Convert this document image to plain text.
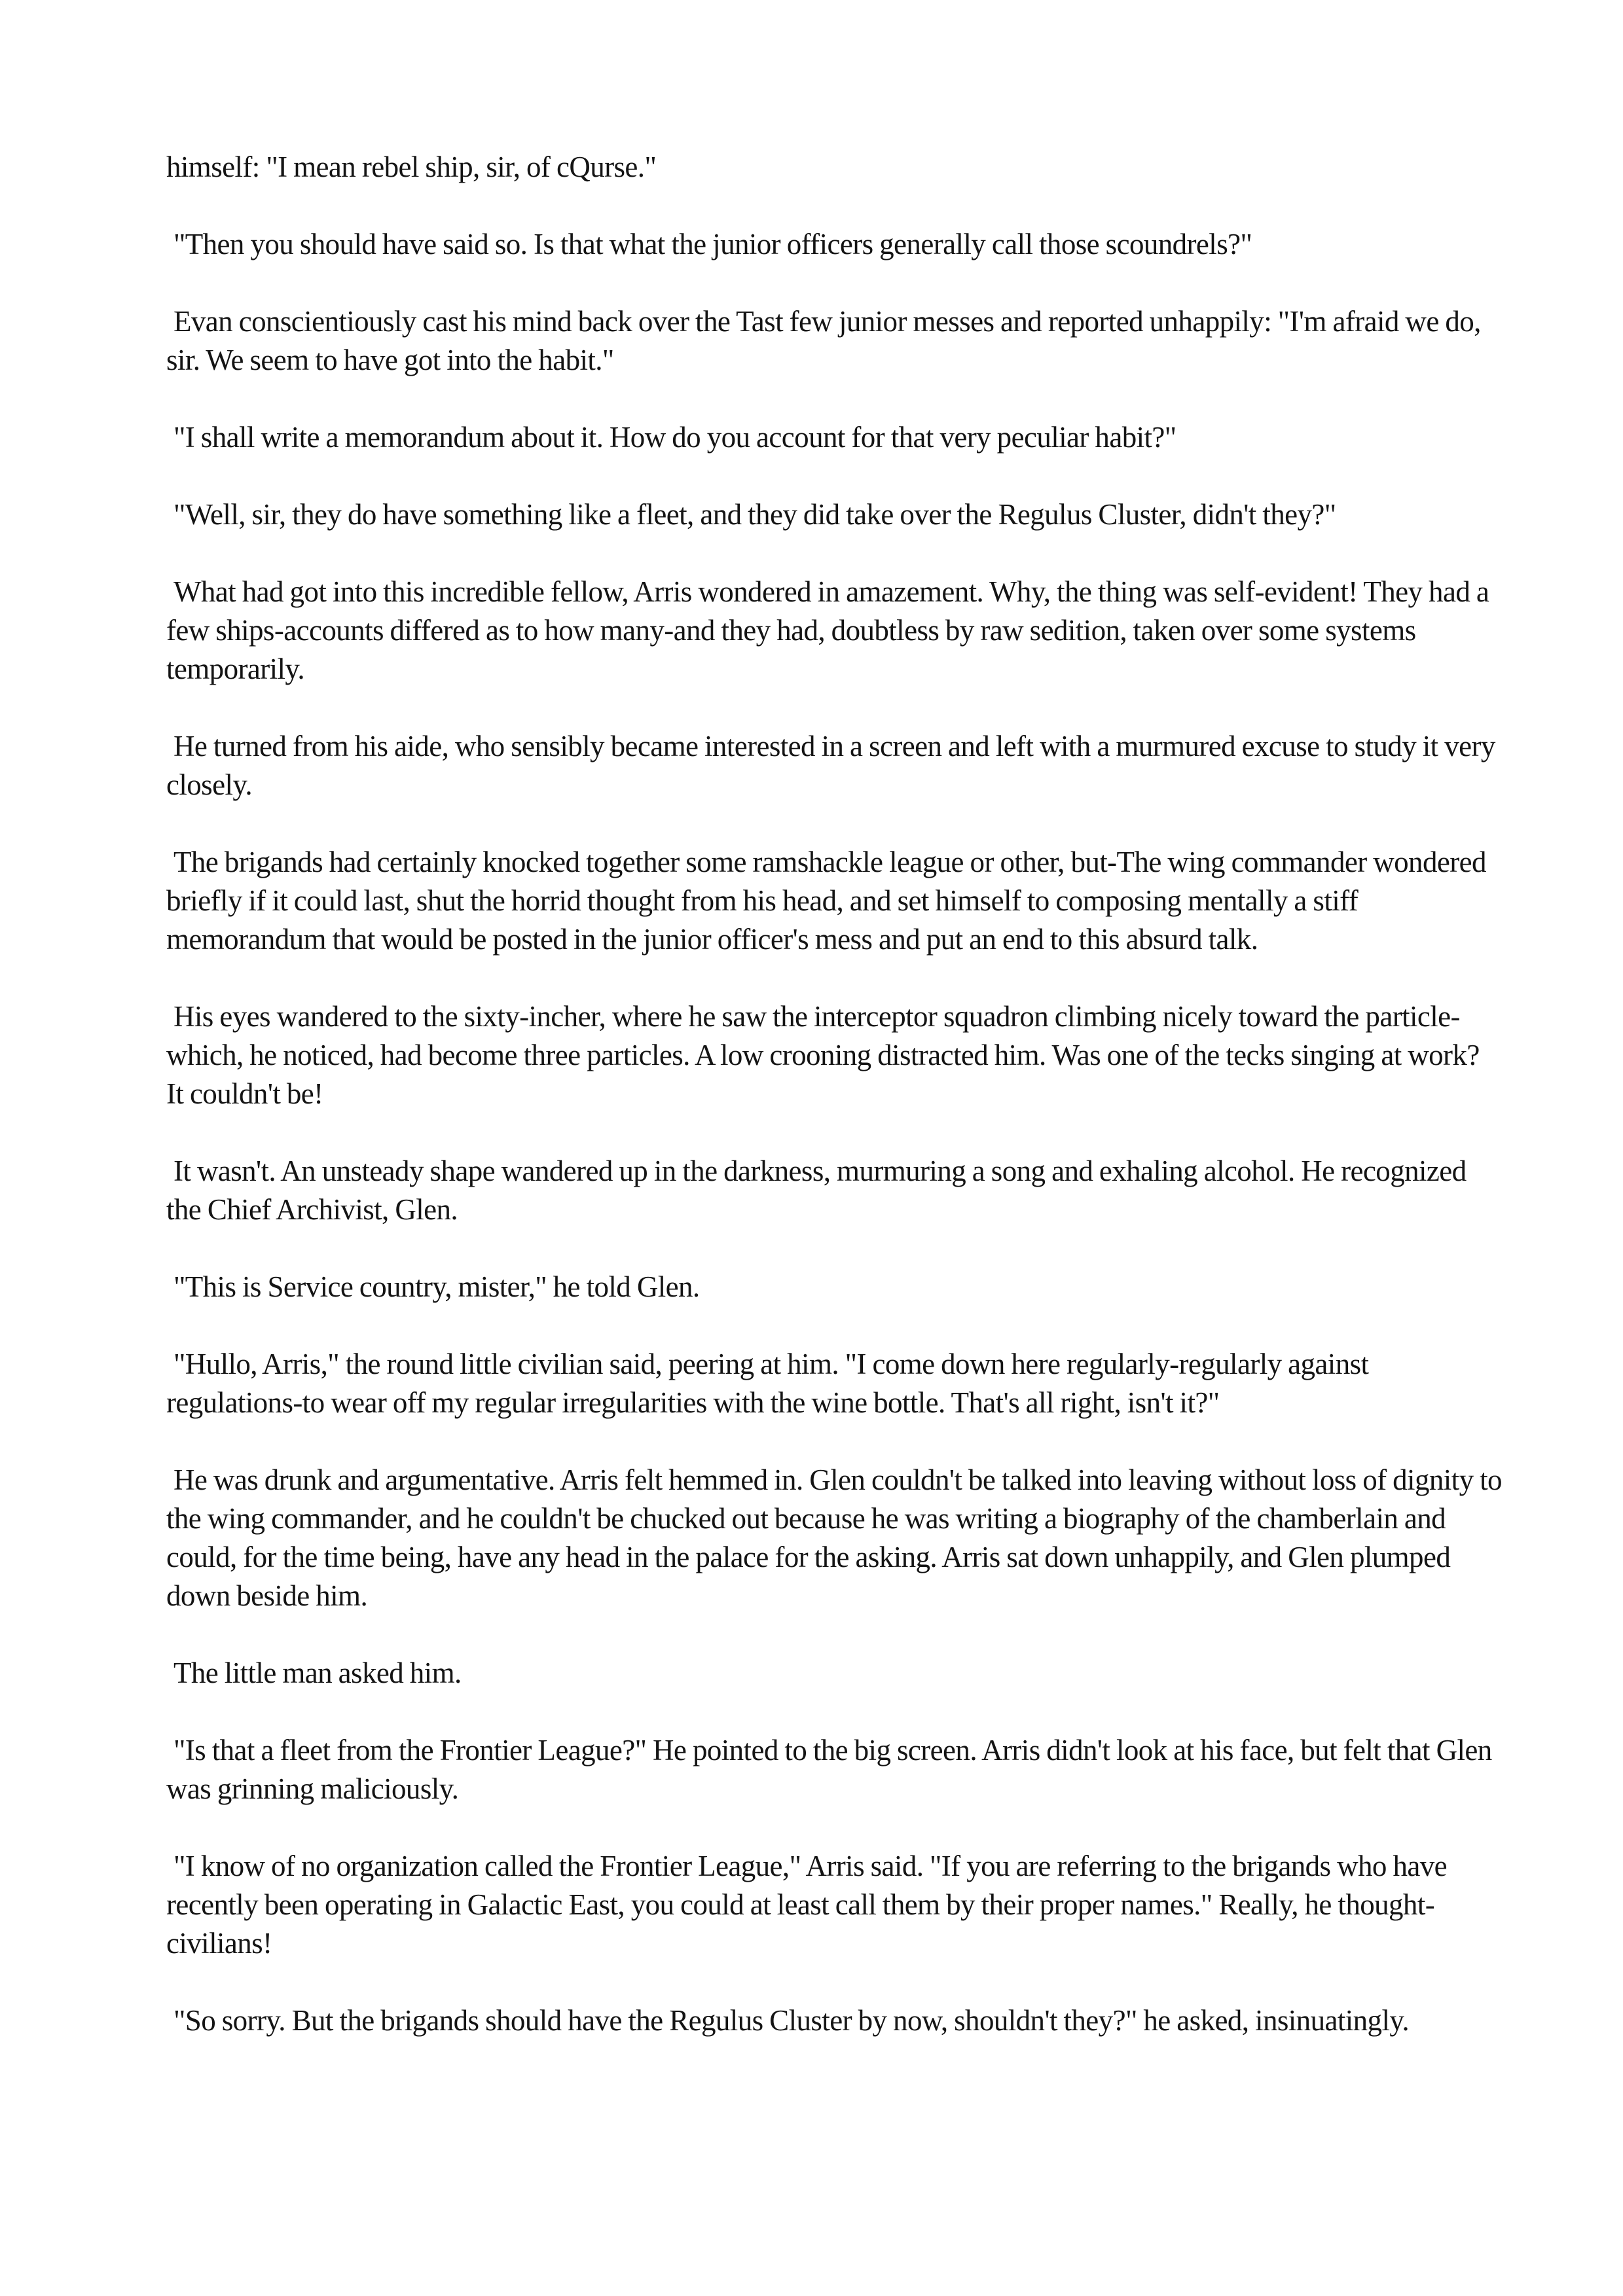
himself: "I mean rebel ship, sir, of cQurse."

"Then you should have said so. Is that what the junior officers generally call those scoundrels?"

Evan conscientiously cast his mind back over the Tast few junior messes and reported unhappily: "I'm afraid we do, sir. We seem to have got into the habit."

"I shall write a memorandum about it. How do you account for that very peculiar habit?"

"Well, sir, they do have something like a fleet, and they did take over the Regulus Cluster, didn't they?"

What had got into this incredible fellow, Arris wondered in amazement. Why, the thing was self-evident! They had a few ships-accounts differed as to how many-and they had, doubtless by raw sedition, taken over some systems temporarily.

He turned from his aide, who sensibly became interested in a screen and left with a murmured excuse to study it very closely.

The brigands had certainly knocked together some ramshackle league or other, but-The wing commander wondered briefly if it could last, shut the horrid thought from his head, and set himself to composing mentally a stiff memorandum that would be posted in the junior officer's mess and put an end to this absurd talk.

His eyes wandered to the sixty-incher, where he saw the interceptor squadron climbing nicely toward the particle-which, he noticed, had become three particles. A low crooning distracted him. Was one of the tecks singing at work? It couldn't be!

It wasn't. An unsteady shape wandered up in the darkness, murmuring a song and exhaling alcohol. He recognized the Chief Archivist, Glen.

"This is Service country, mister," he told Glen.

"Hullo, Arris," the round little civilian said, peering at him. "I come down here regularly-regularly against regulations-to wear off my regular irregularities with the wine bottle. That's all right, isn't it?"

He was drunk and argumentative. Arris felt hemmed in. Glen couldn't be talked into leaving without loss of dignity to the wing commander, and he couldn't be chucked out because he was writing a biography of the chamberlain and could, for the time being, have any head in the palace for the asking. Arris sat down unhappily, and Glen plumped down beside him.

The little man asked him.

"Is that a fleet from the Frontier League?" He pointed to the big screen. Arris didn't look at his face, but felt that Glen was grinning maliciously.

"I know of no organization called the Frontier League," Arris said. "If you are referring to the brigands who have recently been operating in Galactic East, you could at least call them by their proper names." Really, he thought-civilians!

"So sorry. But the brigands should have the Regulus Cluster by now, shouldn't they?" he asked, insinuatingly.
